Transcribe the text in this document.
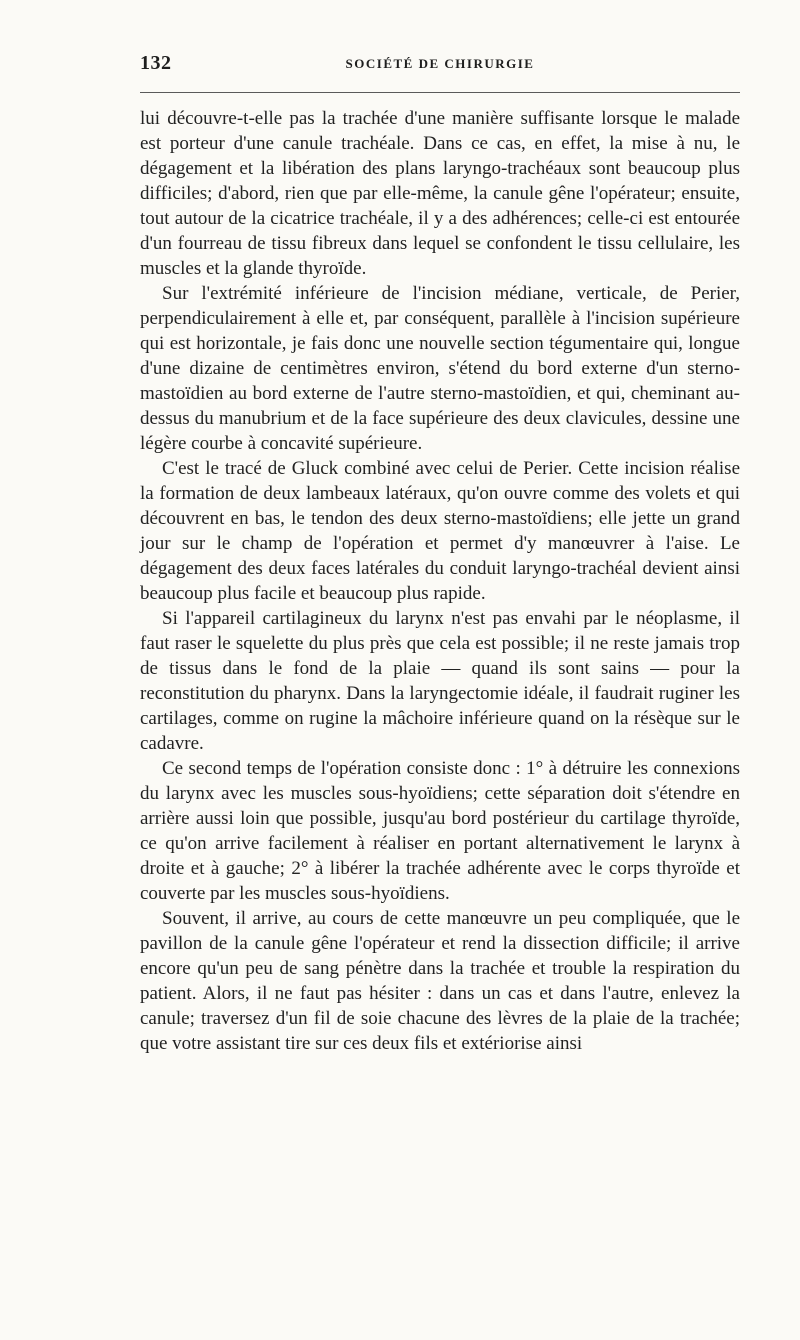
132	SOCIÉTÉ DE CHIRURGIE

lui découvre-t-elle pas la trachée d'une manière suffisante lorsque le malade est porteur d'une canule trachéale. Dans ce cas, en effet, la mise à nu, le dégagement et la libération des plans laryngo-trachéaux sont beaucoup plus difficiles; d'abord, rien que par elle-même, la canule gêne l'opérateur; ensuite, tout autour de la cicatrice trachéale, il y a des adhérences; celle-ci est entourée d'un fourreau de tissu fibreux dans lequel se confondent le tissu cellulaire, les muscles et la glande thyroïde.

Sur l'extrémité inférieure de l'incision médiane, verticale, de Perier, perpendiculairement à elle et, par conséquent, parallèle à l'incision supérieure qui est horizontale, je fais donc une nouvelle section tégumentaire qui, longue d'une dizaine de centimètres environ, s'étend du bord externe d'un sterno-mastoïdien au bord externe de l'autre sterno-mastoïdien, et qui, cheminant au-dessus du manubrium et de la face supérieure des deux clavicules, dessine une légère courbe à concavité supérieure.

C'est le tracé de Gluck combiné avec celui de Perier. Cette incision réalise la formation de deux lambeaux latéraux, qu'on ouvre comme des volets et qui découvrent en bas, le tendon des deux sterno-mastoïdiens; elle jette un grand jour sur le champ de l'opération et permet d'y manœuvrer à l'aise. Le dégagement des deux faces latérales du conduit laryngo-trachéal devient ainsi beaucoup plus facile et beaucoup plus rapide.

Si l'appareil cartilagineux du larynx n'est pas envahi par le néoplasme, il faut raser le squelette du plus près que cela est possible; il ne reste jamais trop de tissus dans le fond de la plaie — quand ils sont sains — pour la reconstitution du pharynx. Dans la laryngectomie idéale, il faudrait ruginer les cartilages, comme on rugine la mâchoire inférieure quand on la résèque sur le cadavre.

Ce second temps de l'opération consiste donc : 1° à détruire les connexions du larynx avec les muscles sous-hyoïdiens; cette séparation doit s'étendre en arrière aussi loin que possible, jusqu'au bord postérieur du cartilage thyroïde, ce qu'on arrive facilement à réaliser en portant alternativement le larynx à droite et à gauche; 2° à libérer la trachée adhérente avec le corps thyroïde et couverte par les muscles sous-hyoïdiens.

Souvent, il arrive, au cours de cette manœuvre un peu compliquée, que le pavillon de la canule gêne l'opérateur et rend la dissection difficile; il arrive encore qu'un peu de sang pénètre dans la trachée et trouble la respiration du patient. Alors, il ne faut pas hésiter : dans un cas et dans l'autre, enlevez la canule; traversez d'un fil de soie chacune des lèvres de la plaie de la trachée; que votre assistant tire sur ces deux fils et extériorise ainsi
